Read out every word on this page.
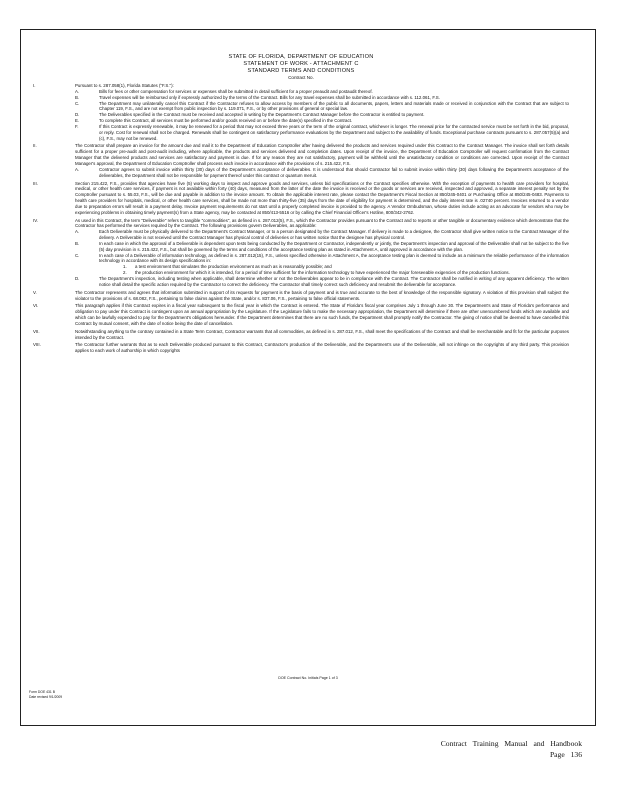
STATE OF FLORIDA, DEPARTMENT OF EDUCATION
STATEMENT OF WORK - ATTACHMENT C
STANDARD TERMS AND CONDITIONS
Contract No.
I.	Pursuant to s. 287.058(1), Florida Statutes ("F.S."):
A.	Bills for fees or other compensation for services or expenses shall be submitted in detail sufficient for a proper preaudit and postaudit thereof.
B.	Travel expenses will be reimbursed only if expressly authorized by the terms of the Contract. Bills for any travel expenses shall be submitted in accordance with s. 112.061, F.S.
C.	The Department may unilaterally cancel this Contract if the Contractor refuses to allow access by members of the public to all documents, papers, letters and materials made or received in conjunction with the Contract that are subject to Chapter 119, F.S., and are not exempt from public inspection by s. 119.071, F.S., or by other provisions of general or special law.
D.	The Deliverables specified in the Contract must be received and accepted in writing by the Department's Contract Manager before the Contractor is entitled to payment.
E.	To complete this Contract, all services must be performed and/or goods received on or before the date(s) specified in the Contract.
F.	If this Contract is expressly renewable, it may be renewed for a period that may not exceed three years or the term of the original contract, whichever is longer. The renewal price for the contracted service must be set forth in the bid, proposal, or reply. Cost for renewal shall not be charged. Renewals shall be contingent on satisfactory performance evaluations by the Department and subject to the availability of funds. Exceptional purchase contracts pursuant to s. 287.057(5)(a) and (c), F.S., may not be renewed.
II.	The Contractor shall prepare an invoice for the amount due and mail it to the Department of Education Comptroller after having delivered the products and services required under this Contract to the Contract Manager. The invoice shall set forth details sufficient for a proper pre-audit and post-audit including, where applicable, the products and services delivered and completion dates. Upon receipt of the invoice, the Department of Education Comptroller will request confirmation from the Contract Manager that the delivered products and services are satisfactory and payment is due. If for any reason they are not satisfactory, payment will be withheld until the unsatisfactory condition or conditions are corrected. Upon receipt of the Contract Manager's approval, the Department of Education Comptroller shall process each invoice in accordance with the provisions of s. 215.422, F.S.
A.	Contractor agrees to submit invoice within thirty (30) days of the Department's acceptance of deliverables. It is understood that should Contractor fail to submit invoice within thirty (30) days following the Department's acceptance of the deliverables, the Department shall not be responsible for payment thereof under this contract or quantum meruit.
III.	Section 215.422, F.S., provides that agencies have five (5) working days to inspect and approve goods and services, unless bid specifications or the Contract specifies otherwise. With the exception of payments to health care providers for hospital, medical, or other health care services, if payment is not available within forty (40) days, measured from the latter of the date the invoice is received or the goods or services are received, inspected and approved, a separate interest penalty set by the Comptroller pursuant to s. 55.03, F.S., will be due and payable in addition to the invoice amount. To obtain the applicable interest rate, please contact the Department's Fiscal Section at 850/245-0401 or Purchasing Office at 850/245-0483. Payments to health care providers for hospitals, medical, or other health care services, shall be made not more than thirty-five (35) days from the date of eligibility for payment is determined, and the daily interest rate is .02740 percent. Invoices returned to a vendor due to preparation errors will result in a payment delay. Invoice payment requirements do not start until a properly completed invoice is provided to the agency. A Vendor Ombudsman, whose duties include acting as an advocate for vendors who may be experiencing problems in obtaining timely payment(s) from a State agency, may be contacted at 850/413-5516 or by calling the Chief Financial Officer's Hotline, 800/342-2762.
IV.	As used in this Contract, the term "Deliverable" refers to tangible "commodities", as defined in s. 287.012(5), F.S., which the Contractor provides pursuant to the Contract and to reports or other tangible or documentary evidence which demonstrate that the Contractor has performed the services required by the Contract. The following provisions govern Deliverables, as applicable:
A.	Each Deliverable must be physically delivered to the Department's Contract Manager, or to a person designated by the Contract Manager. If delivery is made to a designee, the Contractor shall give written notice to the Contract Manager of the delivery. A Deliverable is not received until the Contract Manager has physical control of deliveries or has written notice that the designee has physical control.
B.	In each case in which the approval of a Deliverable is dependent upon tests being conducted by the Department or Contractor, independently or jointly, the Department's inspection and approval of the Deliverable shall not be subject to the five (5) day provision in s. 215.422, F.S., but shall be governed by the terms and conditions of the acceptance testing plan as stated in Attachment A, until approved in accordance with the plan.
C.	In each case of a Deliverable of information technology, as defined in s. 287.012(15), F.S., unless specified otherwise in Attachment A, the acceptance testing plan is deemed to include as a minimum the reliable performance of the information technology in accordance with its design specifications in:
1. a test environment that simulates the production environment as much as is reasonably possible; and
2. the production environment for which it is intended, for a period of time sufficient for the information technology to have experienced the major foreseeable exigencies of the production functions.
D.	The Department's inspection, including testing when applicable, shall determine whether or not the Deliverables appear to be in compliance with the Contract. The Contractor shall be notified in writing of any apparent deficiency. The written notice shall detail the specific action required by the Contractor to correct the deficiency. The Contractor shall timely correct such deficiency and resubmit the deliverable for acceptance.
V.	The Contractor represents and agrees that information submitted in support of its requests for payment is the basis of payment and is true and accurate to the best of knowledge of the responsible signatory. A violation of this provision shall subject the violator to the provisions of s. 68.082, F.S., pertaining to false claims against the State, and/or s. 837.06, F.S., pertaining to false official statements.
VI.	This paragraph applies if this Contract expires in a fiscal year subsequent to the fiscal year in which the Contract is entered. The State of Florida's fiscal year comprises July 1 through June 30. The Department's and State of Florida's performance and obligation to pay under this Contract is contingent upon an annual appropriation by the Legislature. If the Legislature fails to make the necessary appropriation, the Department will determine if there are other unencumbered funds which are available and which can be lawfully expended to pay for the Department's obligations hereunder. If the Department determines that there are no such funds, the Department shall promptly notify the Contractor. The giving of notice shall be deemed to have cancelled this Contract by mutual consent, with the date of notice being the date of cancellation.
VII.	Notwithstanding anything to the contrary contained in a State Term Contract, Contractor warrants that all commodities, as defined in s. 287.012, F.S., shall meet the specifications of the Contract and shall be merchantable and fit for the particular purposes intended by the Contract.
VIII.	The Contractor further warrants that as to each Deliverable produced pursuant to this Contract, Contractor's production of the Deliverable, and the Department's use of the Deliverable, will not infringe on the copyrights of any third party. This provision applies to each work of authorship in which copyrights
DOE Contract No. Initials Page 1 of 3
Form DOE 431 B
Date revised 9/1/2009
Contract Training Manual and Handbook
Page 136
